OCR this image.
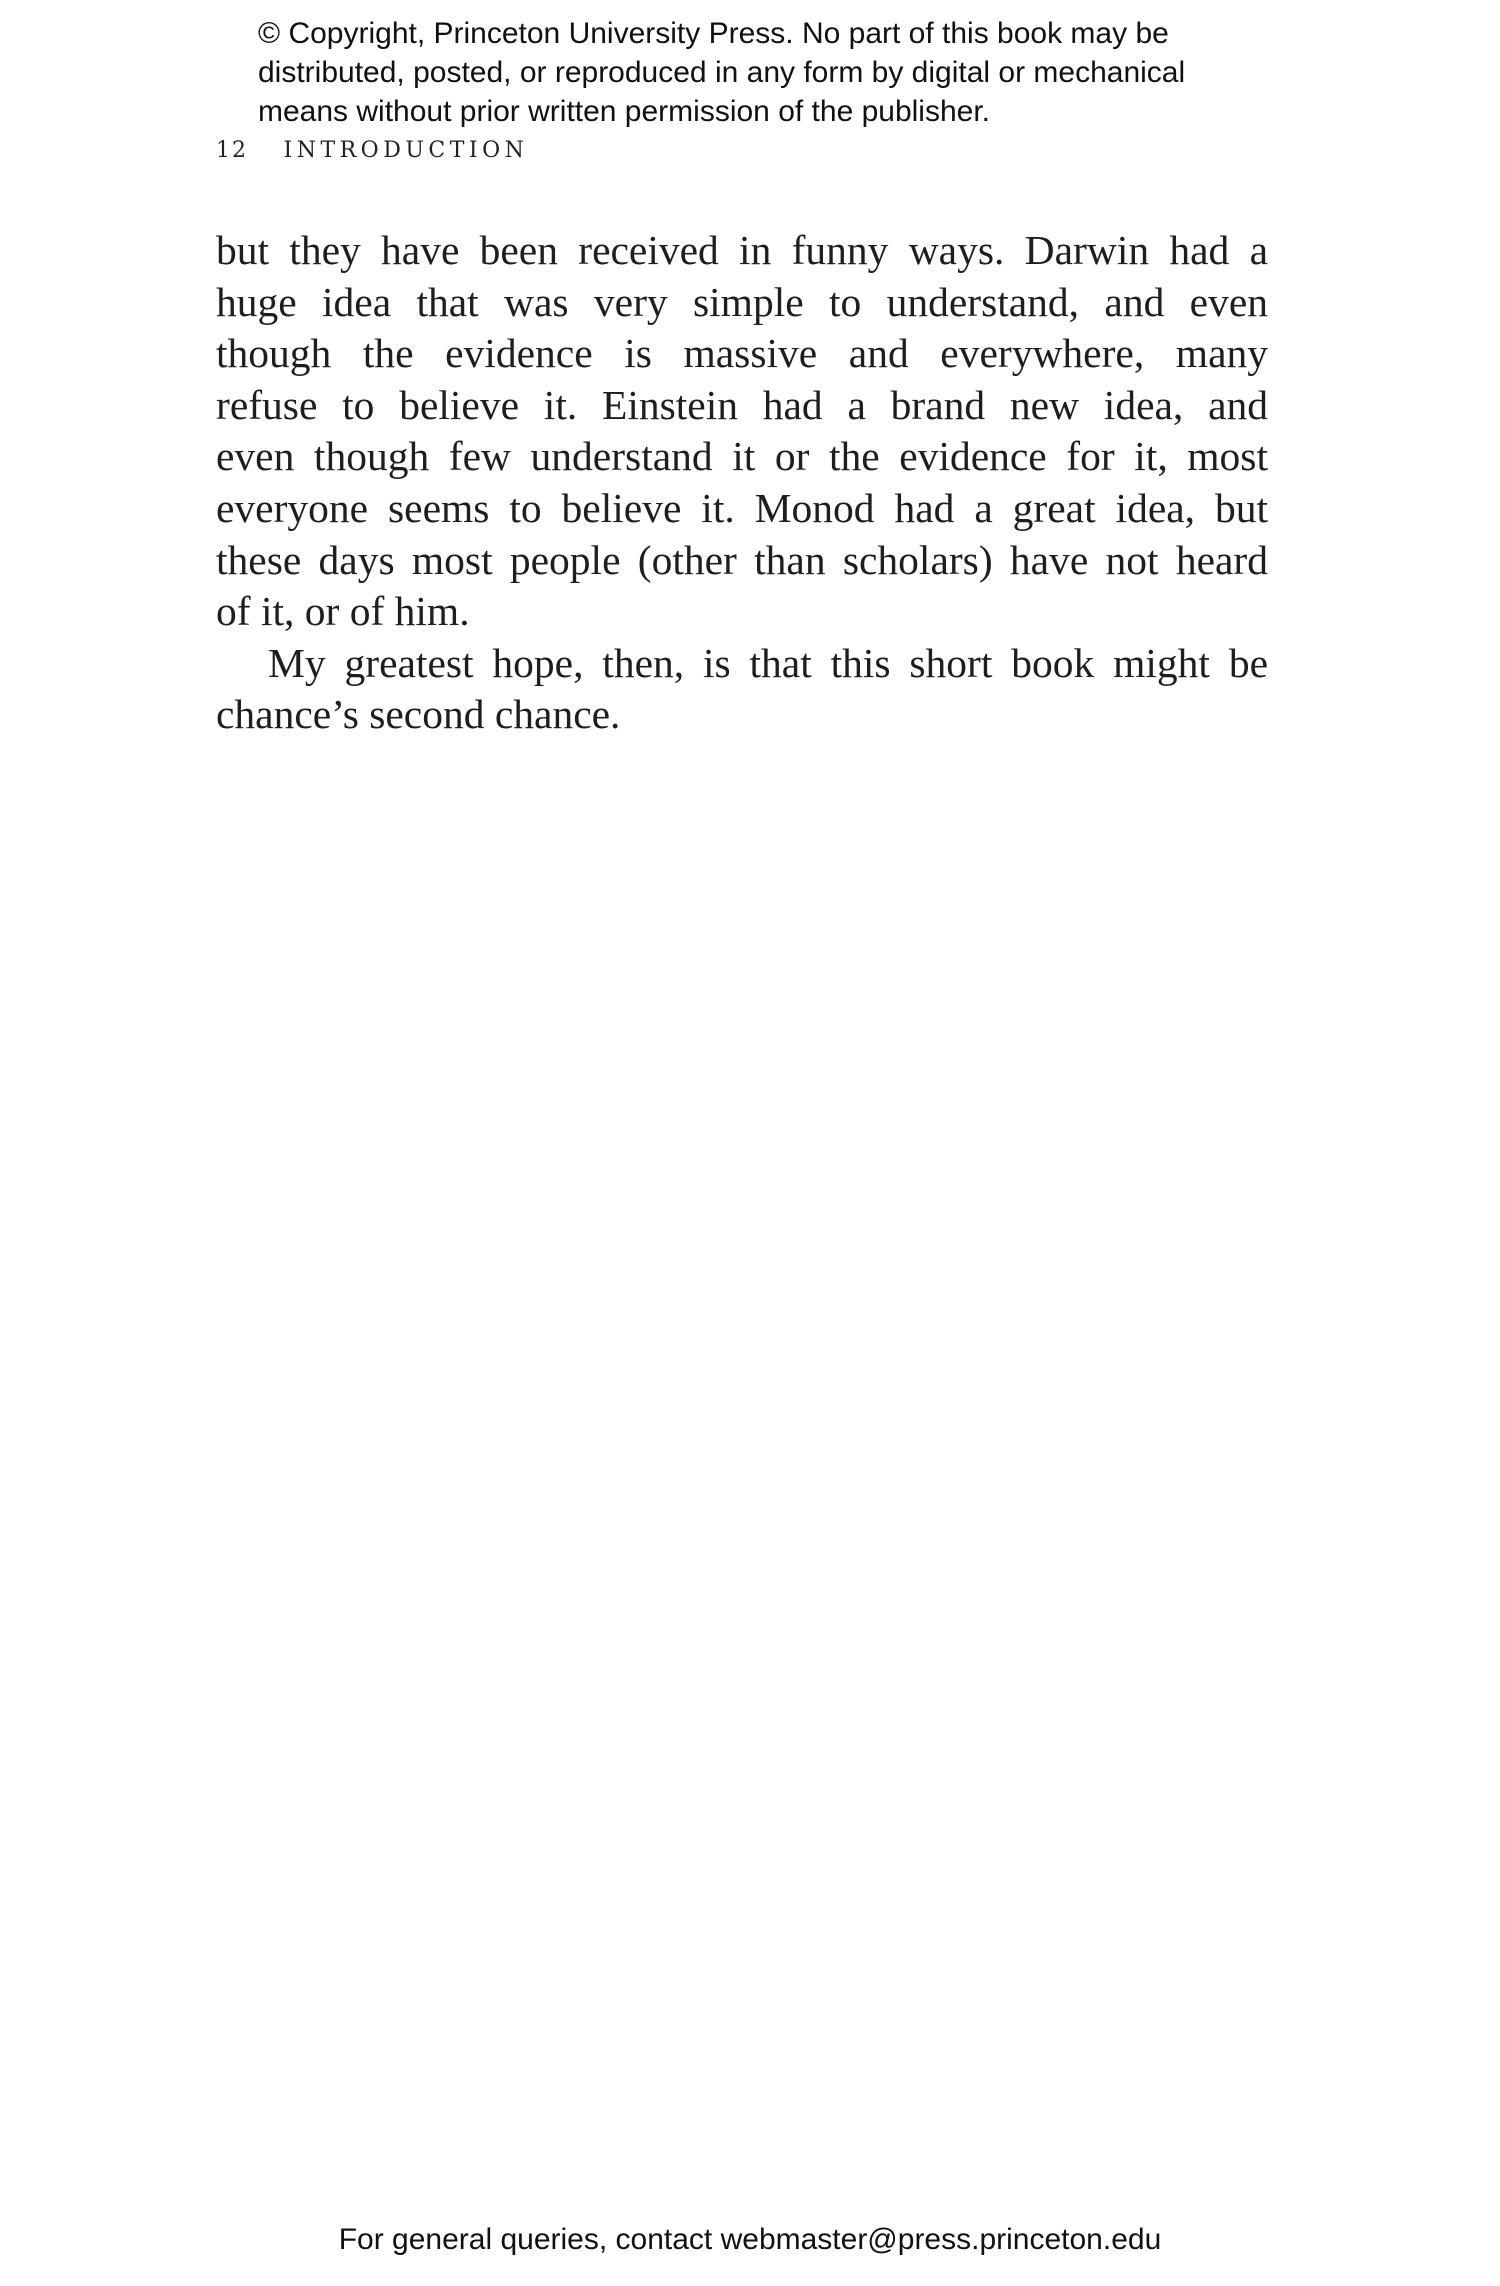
© Copyright, Princeton University Press. No part of this book may be

distributed, posted, or reproduced in any form by digital or mechanical

means without prior written permission of the publisher.

12 INTRODUCTION
but they have been received in funny ways. Darwin had a
huge idea that was very simple to understand, and even
though the evidence is massive and everywhere, many
refuse to believe it. Einstein had a brand new idea, and
even though few understand it or the evidence for it, most
everyone seems to believe it. Monod had a great idea, but
these days most people (other than scholars) have not heard
of it, or of him.
My greatest hope, then, is that this short book might be
chance’s second chance.
For general queries, contact webmaster@press.princeton.edu
